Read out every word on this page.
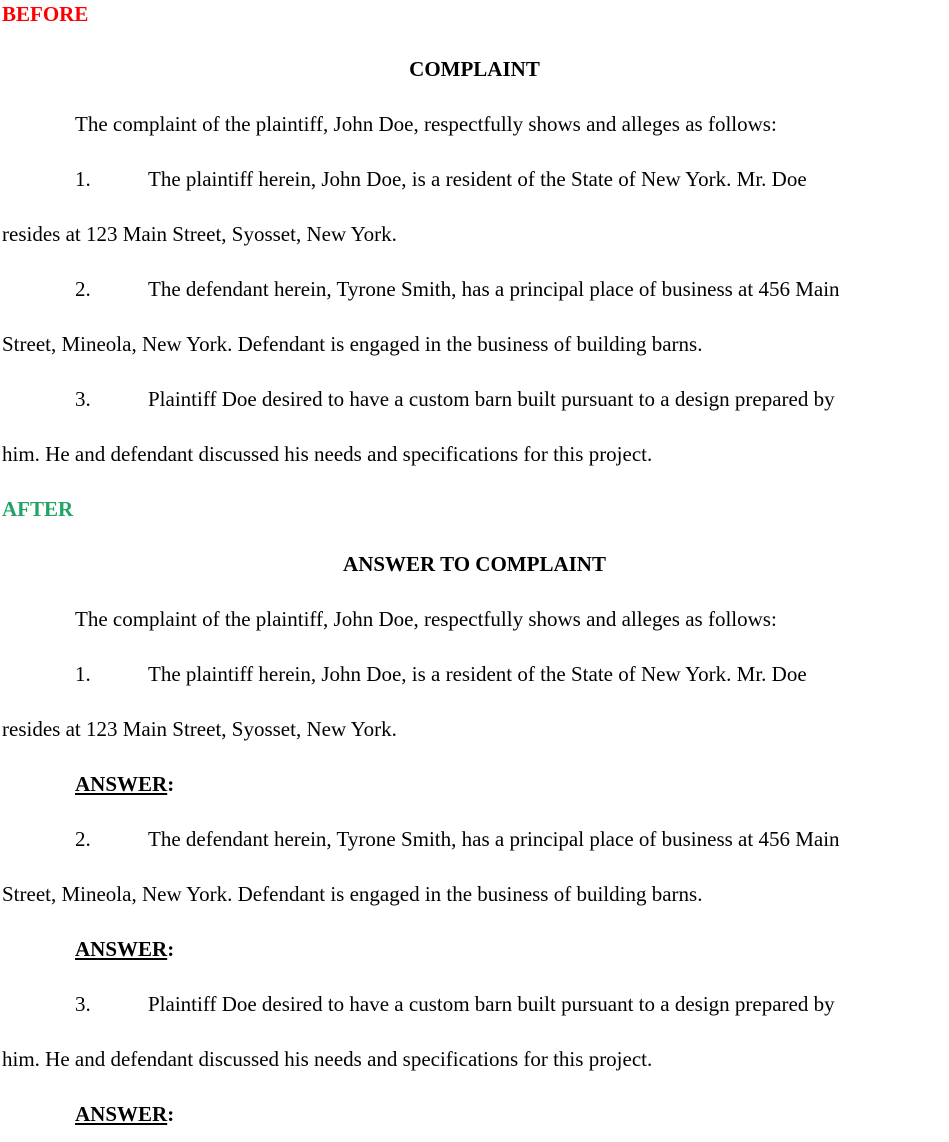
BEFORE
COMPLAINT
The complaint of the plaintiff, John Doe, respectfully shows and alleges as follows:
1.	The plaintiff herein, John Doe, is a resident of the State of New York. Mr. Doe
resides at 123 Main Street, Syosset, New York.
2.	The defendant herein, Tyrone Smith, has a principal place of business at 456 Main
Street, Mineola, New York. Defendant is engaged in the business of building barns.
3.	Plaintiff Doe desired to have a custom barn built pursuant to a design prepared by
him. He and defendant discussed his needs and specifications for this project.
AFTER
ANSWER TO COMPLAINT
The complaint of the plaintiff, John Doe, respectfully shows and alleges as follows:
1.	The plaintiff herein, John Doe, is a resident of the State of New York. Mr. Doe
resides at 123 Main Street, Syosset, New York.
ANSWER:
2.	The defendant herein, Tyrone Smith, has a principal place of business at 456 Main
Street, Mineola, New York. Defendant is engaged in the business of building barns.
ANSWER:
3.	Plaintiff Doe desired to have a custom barn built pursuant to a design prepared by
him. He and defendant discussed his needs and specifications for this project.
ANSWER:
